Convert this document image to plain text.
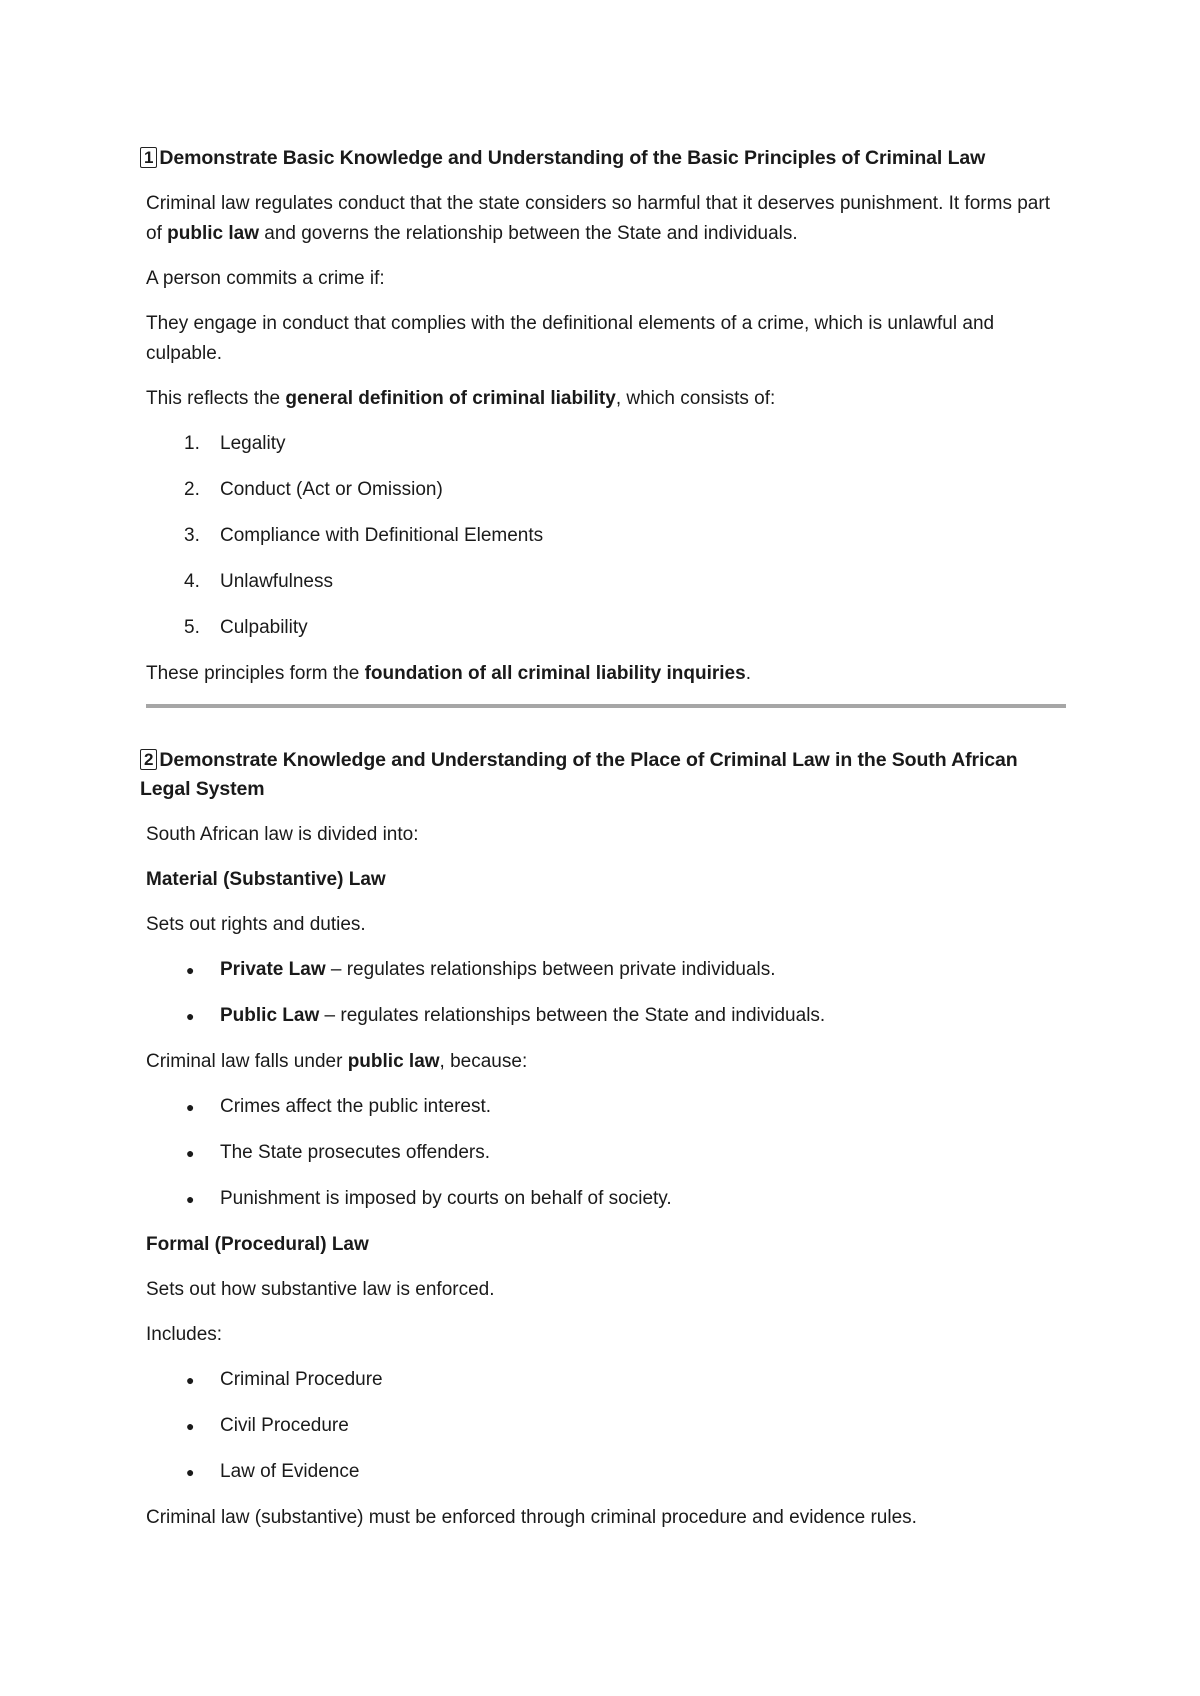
1 Demonstrate Basic Knowledge and Understanding of the Basic Principles of Criminal Law

Criminal law regulates conduct that the state considers so harmful that it deserves punishment. It forms part of public law and governs the relationship between the State and individuals.

A person commits a crime if:

They engage in conduct that complies with the definitional elements of a crime, which is unlawful and culpable.

This reflects the general definition of criminal liability, which consists of:

1. Legality
2. Conduct (Act or Omission)
3. Compliance with Definitional Elements
4. Unlawfulness
5. Culpability

These principles form the foundation of all criminal liability inquiries.

2 Demonstrate Knowledge and Understanding of the Place of Criminal Law in the South African Legal System

South African law is divided into:

Material (Substantive) Law

Sets out rights and duties.

● Private Law – regulates relationships between private individuals.
● Public Law – regulates relationships between the State and individuals.

Criminal law falls under public law, because:

● Crimes affect the public interest.
● The State prosecutes offenders.
● Punishment is imposed by courts on behalf of society.
Formal (Procedural) Law

Sets out how substantive law is enforced.

Includes:

● Criminal Procedure
● Civil Procedure
● Law of Evidence

Criminal law (substantive) must be enforced through criminal procedure and evidence rules.
